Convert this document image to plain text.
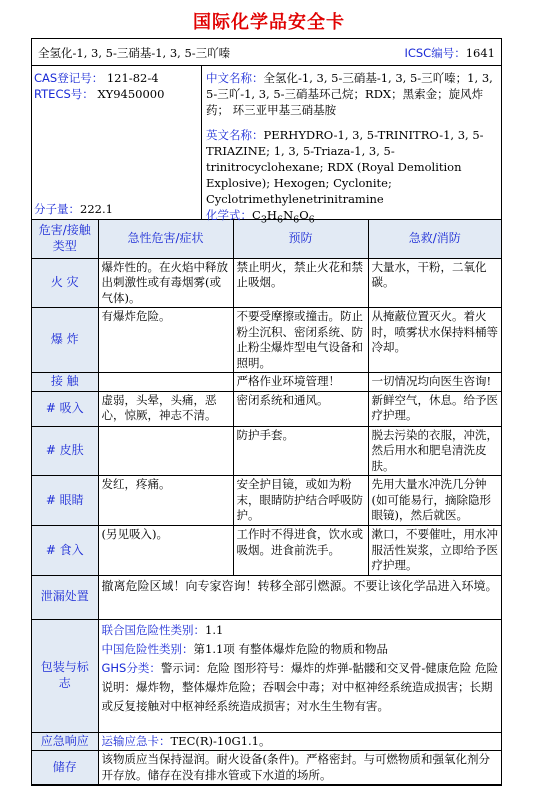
国际化学品安全卡
全氢化-1, 3, 5-三硝基-1, 3, 5-三吖嗪	ICSC编号：1641
CAS登记号： 121-82-4
RTECS号： XY9450000
分子量：222.1
中文名称：全氢化-1, 3, 5-三硝基-1, 3, 5-三吖嗪；1, 3, 5-三吖-1, 3, 5-三硝基环己烷；RDX；黑索金；旋风炸药； 环三亚甲基三硝基胺
英文名称：PERHYDRO-1, 3, 5-TRINITRO-1, 3, 5-TRIAZINE; 1, 3, 5-Triaza-1, 3, 5-trinitrocyclohexane; RDX (Royal Demolition Explosive); Hexogen; Cyclonite; Cyclotrimethylenetrinitramine
化学式：$C_3H_6N_6O_6$
危害/接触类型	急性危害/症状	预防	急救/消防
火 灾	爆炸性的。在火焰中释放出刺激性或有毒烟雾(或气体)。	禁止明火，禁止火花和禁止吸烟。	大量水，干粉，二氧化碳。
爆 炸	有爆炸危险。	不要受摩擦或撞击。防止粉尘沉积、密闭系统、防止粉尘爆炸型电气设备和照明。	从掩蔽位置灭火。着火时，喷雾状水保持料桶等冷却。
接 触		严格作业环境管理！	一切情况均向医生咨询!
# 吸入	虚弱，头晕，头痛，恶心，惊厥，神志不清。	密闭系统和通风。	新鲜空气，休息。给予医疗护理。
# 皮肤		防护手套。	脱去污染的衣服，冲洗，然后用水和肥皂清洗皮肤。
# 眼睛	发红，疼痛。	安全护目镜，或如为粉末，眼睛防护结合呼吸防护。	先用大量水冲洗几分钟(如可能易行，摘除隐形眼镜)，然后就医。
# 食入	(另见吸入)。	工作时不得进食，饮水或吸烟。进食前洗手。	漱口，不要催吐，用水冲服活性炭浆，立即给予医疗护理。
泄漏处置	撤离危险区域！向专家咨询！转移全部引燃源。不要让该化学品进入环境。		
包装与标志	联合国危险性类别：1.1
中国危险性类别：第1.1项 有整体爆炸危险的物质和物品
GHS分类：警示词：危险 图形符号：爆炸的炸弹-骷髅和交叉骨-健康危险 危险说明：爆炸物，整体爆炸危险；吞咽会中毒；对中枢神经系统造成损害；长期或反复接触对中枢神经系统造成损害；对水生生物有害。		

应急响应	运输应急卡：TEC(R)-10G1.1。		
储存	该物质应当保持湿润。耐火设备(条件)。严格密封。与可燃物质和强氧化剂分开存放。储存在没有排水管或下水道的场所。		
